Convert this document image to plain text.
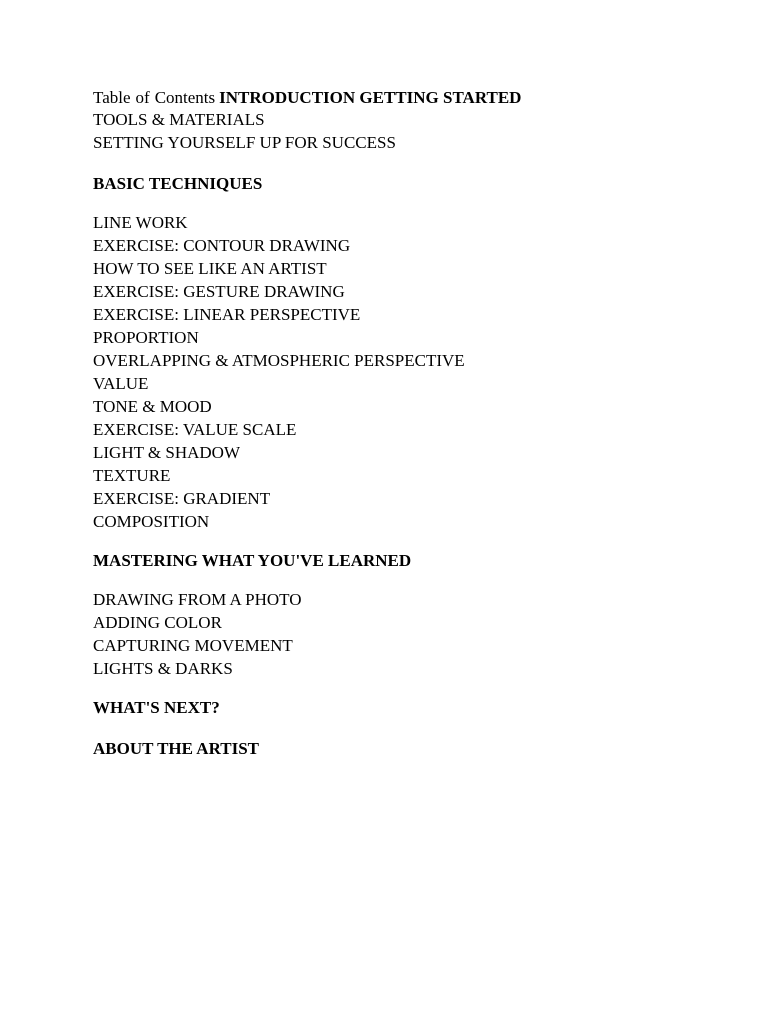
Table of Contents INTRODUCTION GETTING STARTED
TOOLS & MATERIALS
SETTING YOURSELF UP FOR SUCCESS
BASIC TECHNIQUES
LINE WORK
EXERCISE: CONTOUR DRAWING
HOW TO SEE LIKE AN ARTIST
EXERCISE: GESTURE DRAWING
EXERCISE: LINEAR PERSPECTIVE
PROPORTION
OVERLAPPING & ATMOSPHERIC PERSPECTIVE
VALUE
TONE & MOOD
EXERCISE: VALUE SCALE
LIGHT & SHADOW
TEXTURE
EXERCISE: GRADIENT
COMPOSITION
MASTERING WHAT YOU'VE LEARNED
DRAWING FROM A PHOTO
ADDING COLOR
CAPTURING MOVEMENT
LIGHTS & DARKS
WHAT'S NEXT?
ABOUT THE ARTIST
